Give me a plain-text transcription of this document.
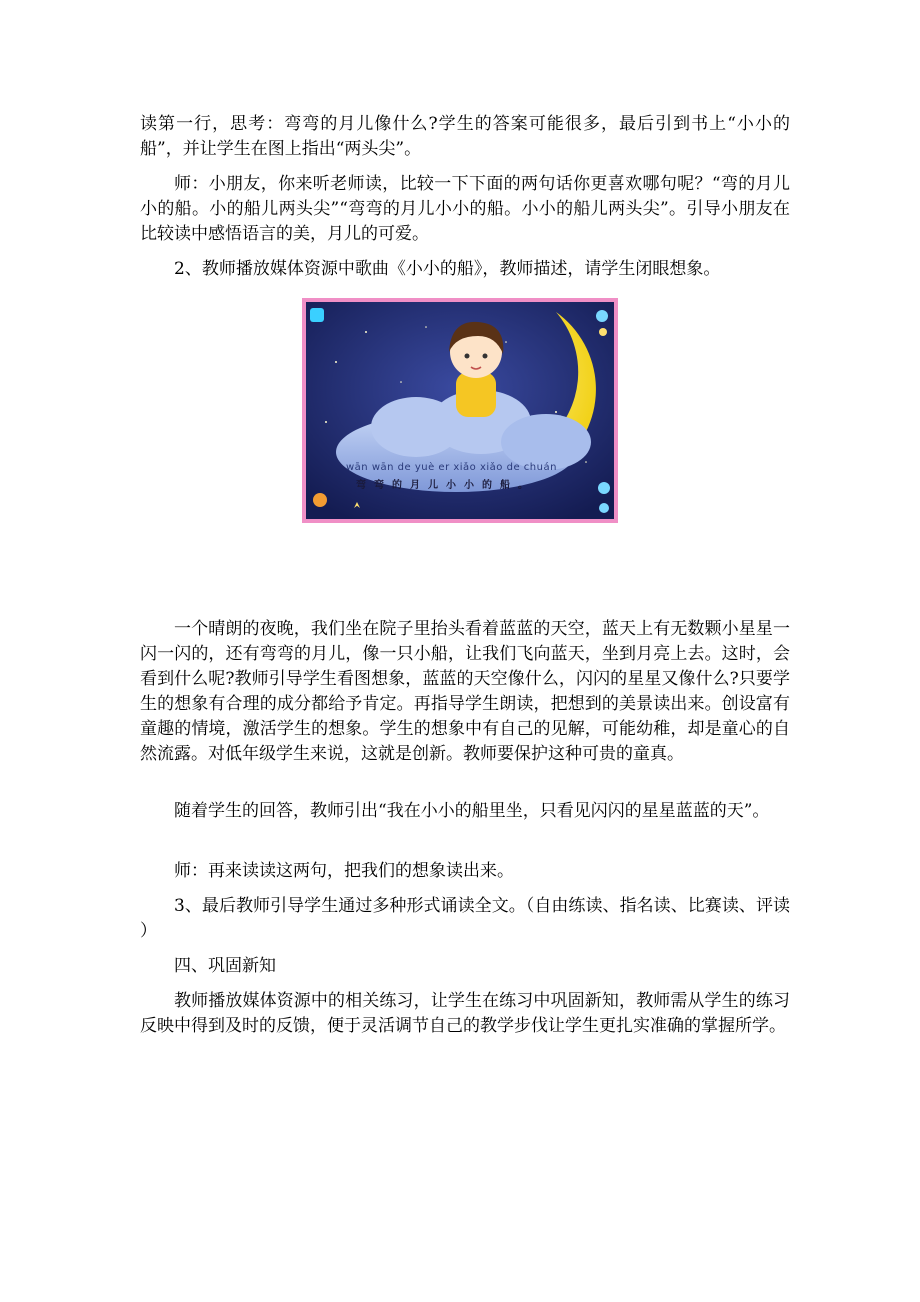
读第一行，思考：弯弯的月儿像什么?学生的答案可能很多，最后引到书上“小小的船”，并让学生在图上指出“两头尖”。

师：小朋友，你来听老师读，比较一下下面的两句话你更喜欢哪句呢？“弯的月儿小的船。小的船儿两头尖”“弯弯的月儿小小的船。小小的船儿两头尖”。引导小朋友在比较读中感悟语言的美，月儿的可爱。

2、教师播放媒体资源中歌曲《小小的船》，教师描述，请学生闭眼想象。

一个晴朗的夜晚，我们坐在院子里抬头看着蓝蓝的天空，蓝天上有无数颗小星星一闪一闪的，还有弯弯的月儿，像一只小船，让我们飞向蓝天，坐到月亮上去。这时，会看到什么呢?教师引导学生看图想象，蓝蓝的天空像什么，闪闪的星星又像什么?只要学生的想象有合理的成分都给予肯定。再指导学生朗读，把想到的美景读出来。创设富有童趣的情境，激活学生的想象。学生的想象中有自己的见解，可能幼稚，却是童心的自然流露。对低年级学生来说，这就是创新。教师要保护这种可贵的童真。

随着学生的回答，教师引出“我在小小的船里坐，只看见闪闪的星星蓝蓝的天”。

师：再来读读这两句，把我们的想象读出来。

3、最后教师引导学生通过多种形式诵读全文。（自由练读、指名读、比赛读、评读 ）

四、巩固新知

教师播放媒体资源中的相关练习，让学生在练习中巩固新知，教师需从学生的练习反映中得到及时的反馈，便于灵活调节自己的教学步伐让学生更扎实准确的掌握所学。

wān wān de yuè er xiǎo xiǎo de chuán
弯弯的月儿小小的船。
